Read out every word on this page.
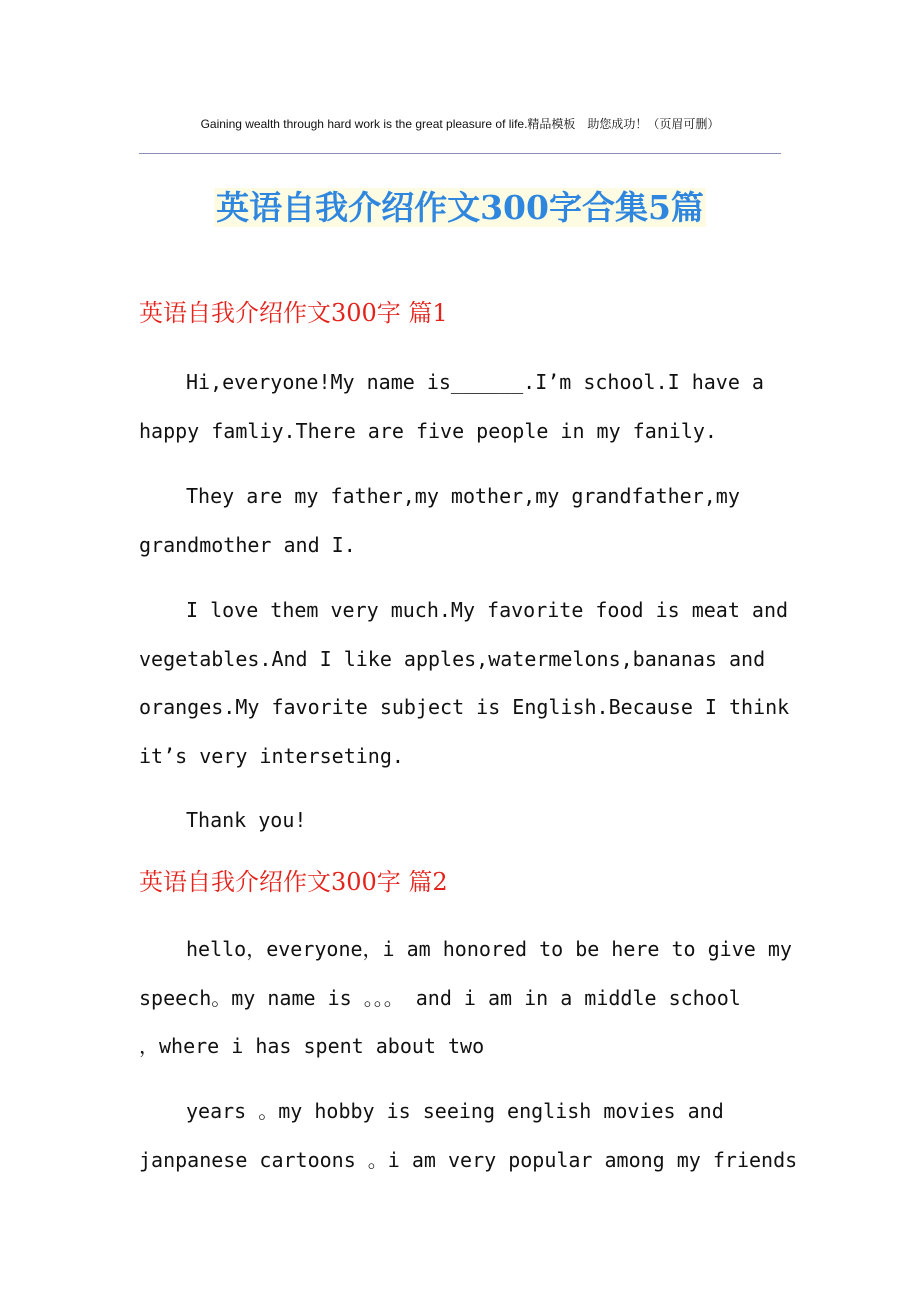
Gaining wealth through hard work is the great pleasure of life.精品模板　助您成功！（页眉可删）
英语自我介绍作文300字合集5篇
英语自我介绍作文300字 篇1
Hi,everyone!My name is______.I’m school.I have a
happy famliy.There are five people in my fanily.
They are my father,my mother,my grandfather,my
grandmother and I.
I love them very much.My favorite food is meat and
vegetables.And I like apples,watermelons,bananas and
oranges.My favorite subject is English.Because I think
it’s very interseting.
Thank you!
英语自我介绍作文300字 篇2
hello，everyone，i am honored to be here to give my
speech。my name is 。。。 and i am in a middle school
，where i has spent about two
years 。my hobby is seeing english movies and
janpanese cartoons 。i am very popular among my friends
